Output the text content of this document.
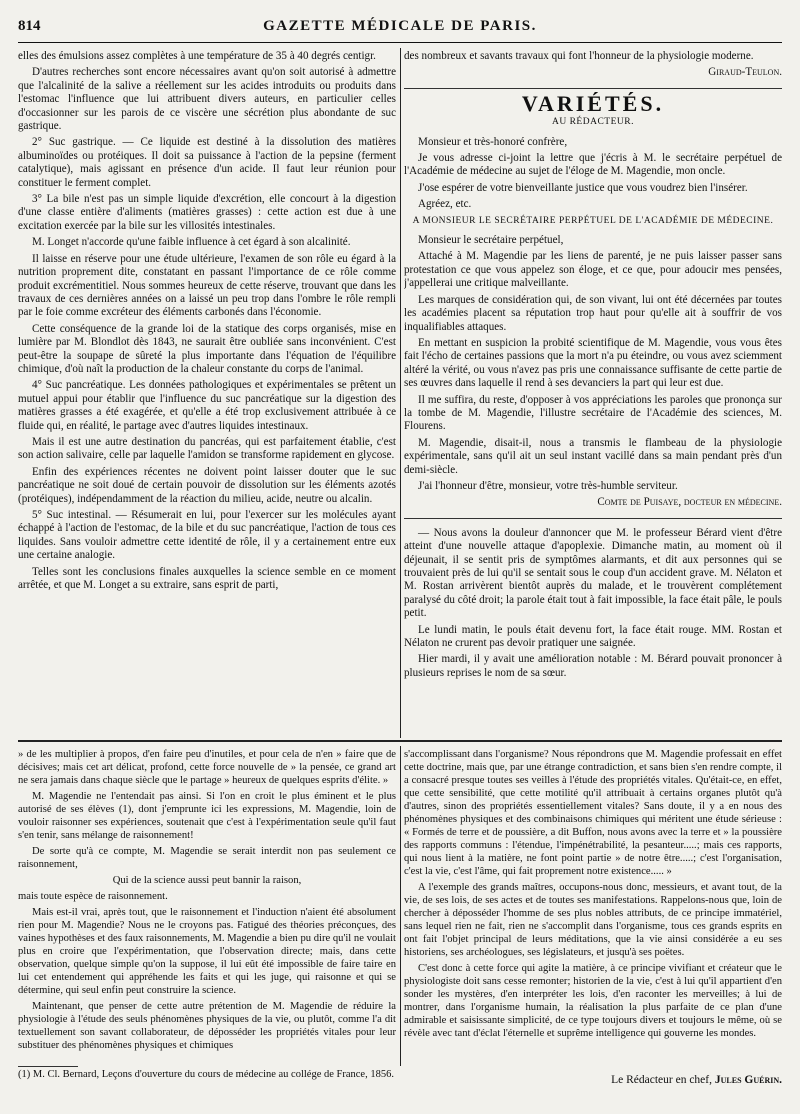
814	GAZETTE MÉDICALE DE PARIS.

elles des émulsions assez complètes à une température de 35 à 40 degrés centigr.

D'autres recherches sont encore nécessaires avant qu'on soit autorisé à admettre que l'alcalinité de la salive a réellement sur les acides introduits ou produits dans l'estomac l'influence que lui attribuent divers auteurs, en particulier celles d'occasionner sur les parois de ce viscère une sécrétion plus abondante de suc gastrique.

2° Suc gastrique. — Ce liquide est destiné à la dissolution des matières albuminoïdes ou protéiques. Il doit sa puissance à l'action de la pepsine (ferment catalytique), mais agissant en présence d'un acide. Il faut leur réunion pour constituer le ferment complet.

3° La bile n'est pas un simple liquide d'excrétion, elle concourt à la digestion d'une classe entière d'aliments (matières grasses) : cette action est due à une excitation exercée par la bile sur les villosités intestinales.

M. Longet n'accorde qu'une faible influence à cet égard à son alcalinité.

Il laisse en réserve pour une étude ultérieure, l'examen de son rôle eu égard à la nutrition proprement dite, constatant en passant l'importance de ce rôle comme produit excrémentitiel. Nous sommes heureux de cette réserve, trouvant que dans les travaux de ces dernières années on a laissé un peu trop dans l'ombre le rôle rempli par le foie comme excréteur des éléments carbonés dans l'économie.

Cette conséquence de la grande loi de la statique des corps organisés, mise en lumière par M. Blondlot dès 1843, ne saurait être oubliée sans inconvénient. C'est peut-être la soupape de sûreté la plus importante dans l'équation de l'équilibre chimique, d'où naît la production de la chaleur constante du corps de l'animal.

4° Suc pancréatique. Les données pathologiques et expérimentales se prêtent un mutuel appui pour établir que l'influence du suc pancréatique sur la digestion des matières grasses a été exagérée, et qu'elle a été trop exclusivement attribuée à ce fluide qui, en réalité, le partage avec d'autres liquides intestinaux.

Mais il est une autre destination du pancréas, qui est parfaitement établie, c'est son action salivaire, celle par laquelle l'amidon se transforme rapidement en glycose.

Enfin des expériences récentes ne doivent point laisser douter que le suc pancréatique ne soit doué de certain pouvoir de dissolution sur les éléments azotés (protéiques), indépendamment de la réaction du milieu, acide, neutre ou alcalin.

5° Suc intestinal. — Résumerait en lui, pour l'exercer sur les molécules ayant échappé à l'action de l'estomac, de la bile et du suc pancréatique, l'action de tous ces liquides. Sans vouloir admettre cette identité de rôle, il y a certainement entre eux une certaine analogie.

Telles sont les conclusions finales auxquelles la science semble en ce moment arrêtée, et que M. Longet a su extraire, sans esprit de parti,

des nombreux et savants travaux qui font l'honneur de la physiologie moderne.

Giraud-Teulon.

VARIÉTÉS.
AU RÉDACTEUR.

Monsieur et très-honoré confrère,

Je vous adresse ci-joint la lettre que j'écris à M. le secrétaire perpétuel de l'Académie de médecine au sujet de l'éloge de M. Magendie, mon oncle.

J'ose espérer de votre bienveillante justice que vous voudrez bien l'insérer.

Agréez, etc.

A MONSIEUR LE SECRÉTAIRE PERPÉTUEL DE L'ACADÉMIE DE MÉDECINE.

Monsieur le secrétaire perpétuel,

Attaché à M. Magendie par les liens de parenté, je ne puis laisser passer sans protestation ce que vous appelez son éloge, et ce que, pour adoucir mes pensées, j'appellerai une critique malveillante.

Les marques de considération qui, de son vivant, lui ont été décernées par toutes les académies placent sa réputation trop haut pour qu'elle ait à souffrir de vos inqualifiables attaques.

En mettant en suspicion la probité scientifique de M. Magendie, vous vous êtes fait l'écho de certaines passions que la mort n'a pu éteindre, ou vous avez sciemment altéré la vérité, ou vous n'avez pas pris une connaissance suffisante de cette partie de ses œuvres dans laquelle il rend à ses devanciers la part qui leur est due.

Il me suffira, du reste, d'opposer à vos appréciations les paroles que prononça sur la tombe de M. Magendie, l'illustre secrétaire de l'Académie des sciences, M. Flourens.

M. Magendie, disait-il, nous a transmis le flambeau de la physiologie expérimentale, sans qu'il ait un seul instant vacillé dans sa main pendant près d'un demi-siècle.

J'ai l'honneur d'être, monsieur, votre très-humble serviteur.

Comte de Puisaye, docteur en médecine.

— Nous avons la douleur d'annoncer que M. le professeur Bérard vient d'être atteint d'une nouvelle attaque d'apoplexie. Dimanche matin, au moment où il déjeunait, il se sentit pris de symptômes alarmants, et dit aux personnes qui se trouvaient près de lui qu'il se sentait sous le coup d'un accident grave. M. Nélaton et M. Rostan arrivèrent bientôt auprès du malade, et le trouvèrent complétement paralysé du côté droit; la parole était tout à fait impossible, la face était pâle, le pouls petit.

Le lundi matin, le pouls était devenu fort, la face était rouge. MM. Rostan et Nélaton ne crurent pas devoir pratiquer une saignée.

Hier mardi, il y avait une amélioration notable : M. Bérard pouvait prononcer à plusieurs reprises le nom de sa sœur.

» de les multiplier à propos, d'en faire peu d'inutiles, et pour cela de n'en » faire que de décisives; mais cet art délicat, profond, cette force nouvelle de » la pensée, ce grand art ne sera jamais dans chaque siècle que le partage » heureux de quelques esprits d'élite. »

M. Magendie ne l'entendait pas ainsi. Si l'on en croit le plus éminent et le plus autorisé de ses élèves (1), dont j'emprunte ici les expressions, M. Magendie, loin de vouloir raisonner ses expériences, soutenait que c'est à l'expérimentation seule qu'il faut s'en tenir, sans mélange de raisonnement!

De sorte qu'à ce compte, M. Magendie se serait interdit non pas seulement ce raisonnement,

Qui de la science aussi peut bannir la raison,

mais toute espèce de raisonnement.

Mais est-il vrai, après tout, que le raisonnement et l'induction n'aient été absolument rien pour M. Magendie? Nous ne le croyons pas. Fatigué des théories préconçues, des vaines hypothèses et des faux raisonnements, M. Magendie a bien pu dire qu'il ne voulait plus en croire que l'expérimentation, que l'observation directe; mais, dans cette observation, quelque simple qu'on la suppose, il lui eût été impossible de faire taire en lui cet entendement qui appréhende les faits et qui les juge, qui raisonne et qui se détermine, qui seul enfin peut construire la science.

Maintenant, que penser de cette autre prétention de M. Magendie de réduire la physiologie à l'étude des seuls phénomènes physiques de la vie, ou plutôt, comme l'a dit textuellement son savant collaborateur, de déposséder les propriétés vitales pour leur substituer des phénomènes physiques et chimiques

s'accomplissant dans l'organisme? Nous répondrons que M. Magendie professait en effet cette doctrine, mais que, par une étrange contradiction, et sans bien s'en rendre compte, il a consacré presque toutes ses veilles à l'étude des propriétés vitales. Qu'était-ce, en effet, que cette sensibilité, que cette motilité qu'il attribuait à certains organes plutôt qu'à d'autres, sinon des propriétés essentiellement vitales? Sans doute, il y a en nous des phénomènes physiques et des combinaisons chimiques qui méritent une étude sérieuse : « Formés de terre et de poussière, a dit Buffon, nous avons avec la terre et » la poussière des rapports communs : l'étendue, l'impénétrabilité, la pesanteur.....; mais ces rapports, qui nous lient à la matière, ne font point partie » de notre être.....; c'est l'organisation, c'est la vie, c'est l'âme, qui fait proprement notre existence..... »

A l'exemple des grands maîtres, occupons-nous donc, messieurs, et avant tout, de la vie, de ses lois, de ses actes et de toutes ses manifestations. Rappelons-nous que, loin de chercher à déposséder l'homme de ses plus nobles attributs, de ce principe immatériel, sans lequel rien ne fait, rien ne s'accomplit dans l'organisme, tous ces grands esprits en ont fait l'objet principal de leurs méditations, que la vie ainsi considérée a eu ses historiens, ses archéologues, ses législateurs, et jusqu'à ses poëtes.

C'est donc à cette force qui agite la matière, à ce principe vivifiant et créateur que le physiologiste doit sans cesse remonter; historien de la vie, c'est à lui qu'il appartient d'en sonder les mystères, d'en interpréter les lois, d'en raconter les merveilles; à lui de montrer, dans l'organisme humain, la réalisation la plus parfaite de ce plan d'une admirable et saisissante simplicité, de ce type toujours divers et toujours le même, où se révèle avec tant d'éclat l'éternelle et suprême intelligence qui gouverne les mondes.

(1) M. Cl. Bernard, Leçons d'ouverture du cours de médecine au collége de France, 1856.	Le Rédacteur en chef, Jules Guérin.
